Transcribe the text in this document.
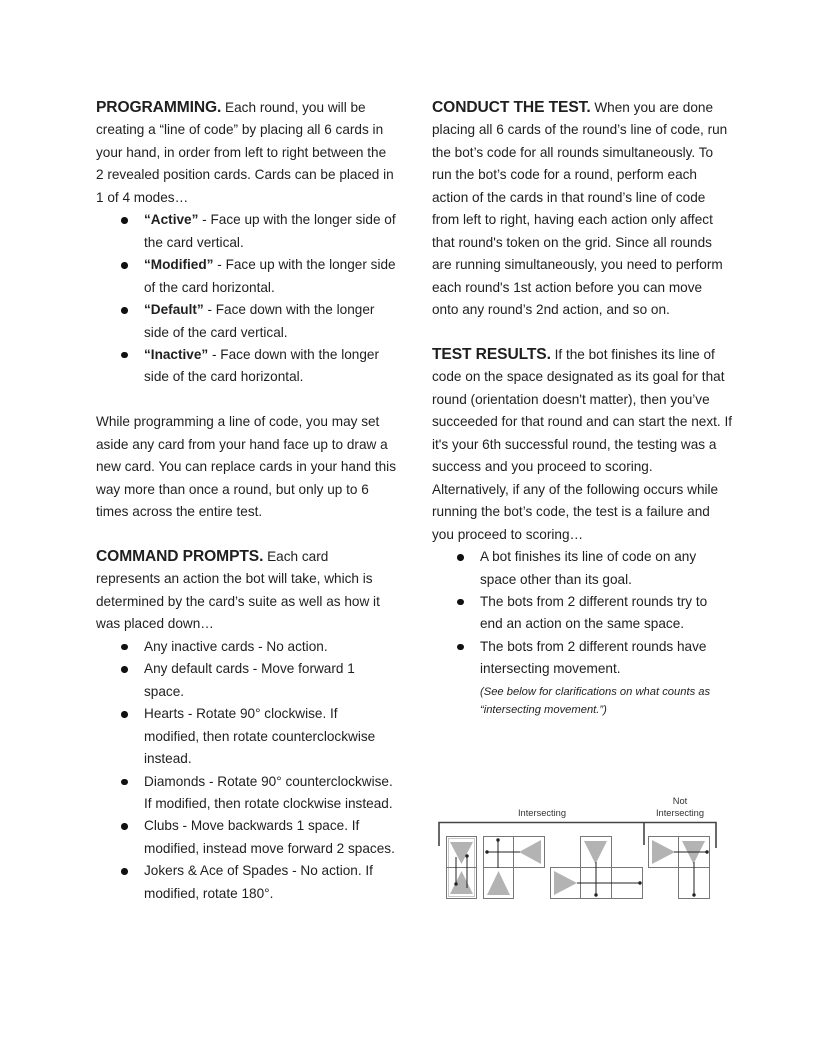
PROGRAMMING. Each round, you will be creating a “line of code” by placing all 6 cards in your hand, in order from left to right between the 2 revealed position cards. Cards can be placed in 1 of 4 modes…

“Active” - Face up with the longer side of the card vertical.
“Modified” - Face up with the longer side of the card horizontal.
“Default” - Face down with the longer side of the card vertical.
“Inactive” - Face down with the longer side of the card horizontal.

While programming a line of code, you may set aside any card from your hand face up to draw a new card. You can replace cards in your hand this way more than once a round, but only up to 6 times across the entire test.

COMMAND PROMPTS. Each card represents an action the bot will take, which is determined by the card’s suite as well as how it was placed down…

Any inactive cards - No action.
Any default cards - Move forward 1 space.
Hearts - Rotate 90° clockwise. If modified, then rotate counterclockwise instead.
Diamonds - Rotate 90° counterclockwise. If modified, then rotate clockwise instead.
Clubs - Move backwards 1 space. If modified, instead move forward 2 spaces.
Jokers & Ace of Spades - No action. If modified, rotate 180°.

CONDUCT THE TEST. When you are done placing all 6 cards of the round’s line of code, run the bot’s code for all rounds simultaneously. To run the bot’s code for a round, perform each action of the cards in that round’s line of code from left to right, having each action only affect that round's token on the grid. Since all rounds are running simultaneously, you need to perform each round's 1st action before you can move onto any round’s 2nd action, and so on.

TEST RESULTS. If the bot finishes its line of code on the space designated as its goal for that round (orientation doesn't matter), then you’ve succeeded for that round and can start the next. If it's your 6th successful round, the testing was a success and you proceed to scoring. Alternatively, if any of the following occurs while running the bot’s code, the test is a failure and you proceed to scoring…

A bot finishes its line of code on any space other than its goal.
The bots from 2 different rounds try to end an action on the same space.
The bots from 2 different rounds have intersecting movement.
(See below for clarifications on what counts as “intersecting movement.”)
Intersecting
Not
Intersecting
